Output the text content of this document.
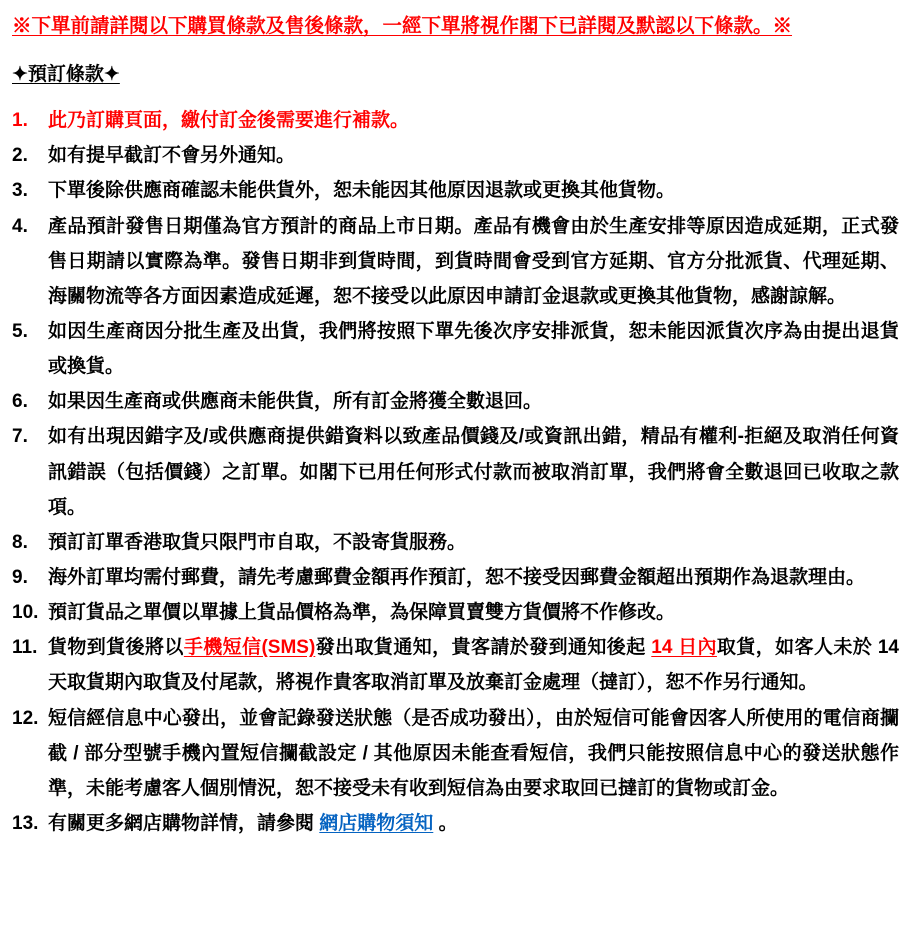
※下單前請詳閱以下購買條款及售後條款，一經下單將視作閣下已詳閱及默認以下條款。※
✦預訂條款✦
1.	此乃訂購頁面，繳付訂金後需要進行補款。
2.	如有提早截訂不會另外通知。
3.	下單後除供應商確認未能供貨外，恕未能因其他原因退款或更換其他貨物。
4.	產品預計發售日期僅為官方預計的商品上市日期。產品有機會由於生產安排等原因造成延期，正式發售日期請以實際為準。發售日期非到貨時間，到貨時間會受到官方延期、官方分批派貨、代理延期、海關物流等各方面因素造成延遲，恕不接受以此原因申請訂金退款或更換其他貨物，感謝諒解。
5.	如因生產商因分批生產及出貨，我們將按照下單先後次序安排派貨，恕未能因派貨次序為由提出退貨或換貨。
6.	如果因生產商或供應商未能供貨，所有訂金將獲全數退回。
7.	如有出現因錯字及/或供應商提供錯資料以致產品價錢及/或資訊出錯，精品有權利-拒絕及取消任何資訊錯誤（包括價錢）之訂單。如閣下已用任何形式付款而被取消訂單，我們將會全數退回已收取之款項。
8.	預訂訂單香港取貨只限門市自取，不設寄貨服務。
9.	海外訂單均需付郵費，請先考慮郵費金額再作預訂，恕不接受因郵費金額超出預期作為退款理由。
10. 預訂貨品之單價以單據上貨品價格為準，為保障買賣雙方貨價將不作修改。
11. 貨物到貨後將以手機短信(SMS)發出取貨通知，貴客請於發到通知後起 14 日內取貨，如客人未於 14 天取貨期內取貨及付尾款，將視作貴客取消訂單及放棄訂金處理（撻訂），恕不作另行通知。
12. 短信經信息中心發出，並會記錄發送狀態（是否成功發出），由於短信可能會因客人所使用的電信商攔截 / 部分型號手機內置短信攔截設定 / 其他原因未能查看短信，我們只能按照信息中心的發送狀態作準，未能考慮客人個別情況，恕不接受未有收到短信為由要求取回已撻訂的貨物或訂金。
13. 有關更多網店購物詳情，請參閱 網店購物須知 。
